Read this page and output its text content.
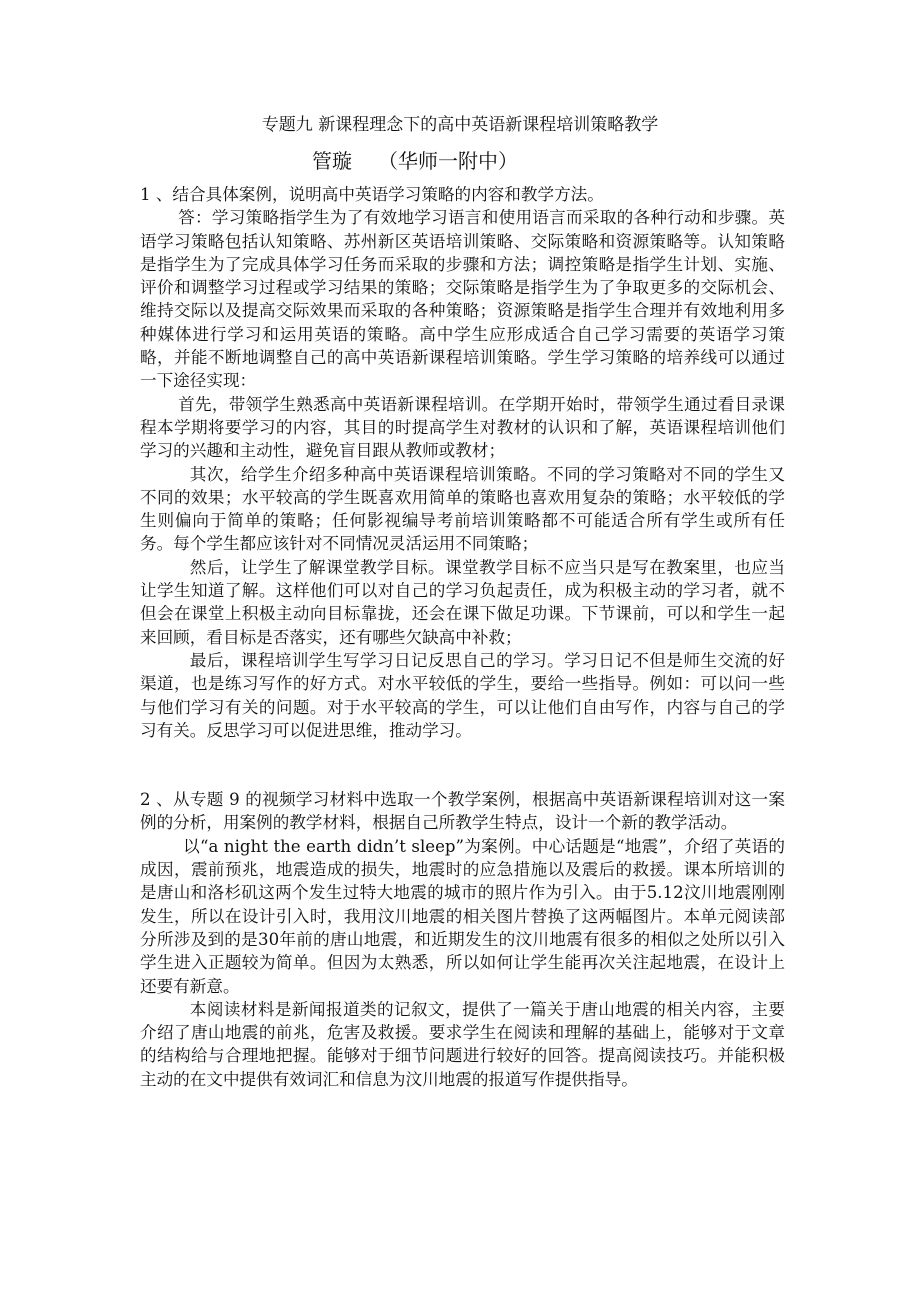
专题九 新课程理念下的高中英语新课程培训策略教学

管璇 （华师一附中）

1 、结合具体案例，说明高中英语学习策略的内容和教学方法。

答：学习策略指学生为了有效地学习语言和使用语言而采取的各种行动和步骤。英语学习策略包括认知策略、苏州新区英语培训策略、交际策略和资源策略等。认知策略是指学生为了完成具体学习任务而采取的步骤和方法；调控策略是指学生计划、实施、评价和调整学习过程或学习结果的策略；交际策略是指学生为了争取更多的交际机会、维持交际以及提高交际效果而采取的各种策略；资源策略是指学生合理并有效地利用多种媒体进行学习和运用英语的策略。高中学生应形成适合自己学习需要的英语学习策略，并能不断地调整自己的高中英语新课程培训策略。学生学习策略的培养线可以通过一下途径实现：

首先，带领学生熟悉高中英语新课程培训。在学期开始时，带领学生通过看目录课程本学期将要学习的内容，其目的时提高学生对教材的认识和了解，英语课程培训他们学习的兴趣和主动性，避免盲目跟从教师或教材；

其次，给学生介绍多种高中英语课程培训策略。不同的学习策略对不同的学生又不同的效果；水平较高的学生既喜欢用简单的策略也喜欢用复杂的策略；水平较低的学生则偏向于简单的策略；任何影视编导考前培训策略都不可能适合所有学生或所有任务。每个学生都应该针对不同情况灵活运用不同策略；

然后，让学生了解课堂教学目标。课堂教学目标不应当只是写在教案里，也应当让学生知道了解。这样他们可以对自己的学习负起责任，成为积极主动的学习者，就不但会在课堂上积极主动向目标靠拢，还会在课下做足功课。下节课前，可以和学生一起来回顾，看目标是否落实，还有哪些欠缺高中补救；

最后，课程培训学生写学习日记反思自己的学习。学习日记不但是师生交流的好渠道，也是练习写作的好方式。对水平较低的学生，要给一些指导。例如：可以问一些与他们学习有关的问题。对于水平较高的学生，可以让他们自由写作，内容与自己的学习有关。反思学习可以促进思维，推动学习。

2 、从专题 9 的视频学习材料中选取一个教学案例，根据高中英语新课程培训对这一案例的分析，用案例的教学材料，根据自己所教学生特点，设计一个新的教学活动。

以“a night the earth didn’t sleep”为案例。中心话题是“地震”，介绍了英语的成因，震前预兆，地震造成的损失，地震时的应急措施以及震后的救援。课本所培训的是唐山和洛杉矶这两个发生过特大地震的城市的照片作为引入。由于5.12汶川地震刚刚发生，所以在设计引入时，我用汶川地震的相关图片替换了这两幅图片。本单元阅读部分所涉及到的是30年前的唐山地震，和近期发生的汶川地震有很多的相似之处所以引入学生进入正题较为简单。但因为太熟悉，所以如何让学生能再次关注起地震，在设计上还要有新意。

本阅读材料是新闻报道类的记叙文，提供了一篇关于唐山地震的相关内容，主要介绍了唐山地震的前兆，危害及救援。要求学生在阅读和理解的基础上，能够对于文章的结构给与合理地把握。能够对于细节问题进行较好的回答。提高阅读技巧。并能积极主动的在文中提供有效词汇和信息为汶川地震的报道写作提供指导。
